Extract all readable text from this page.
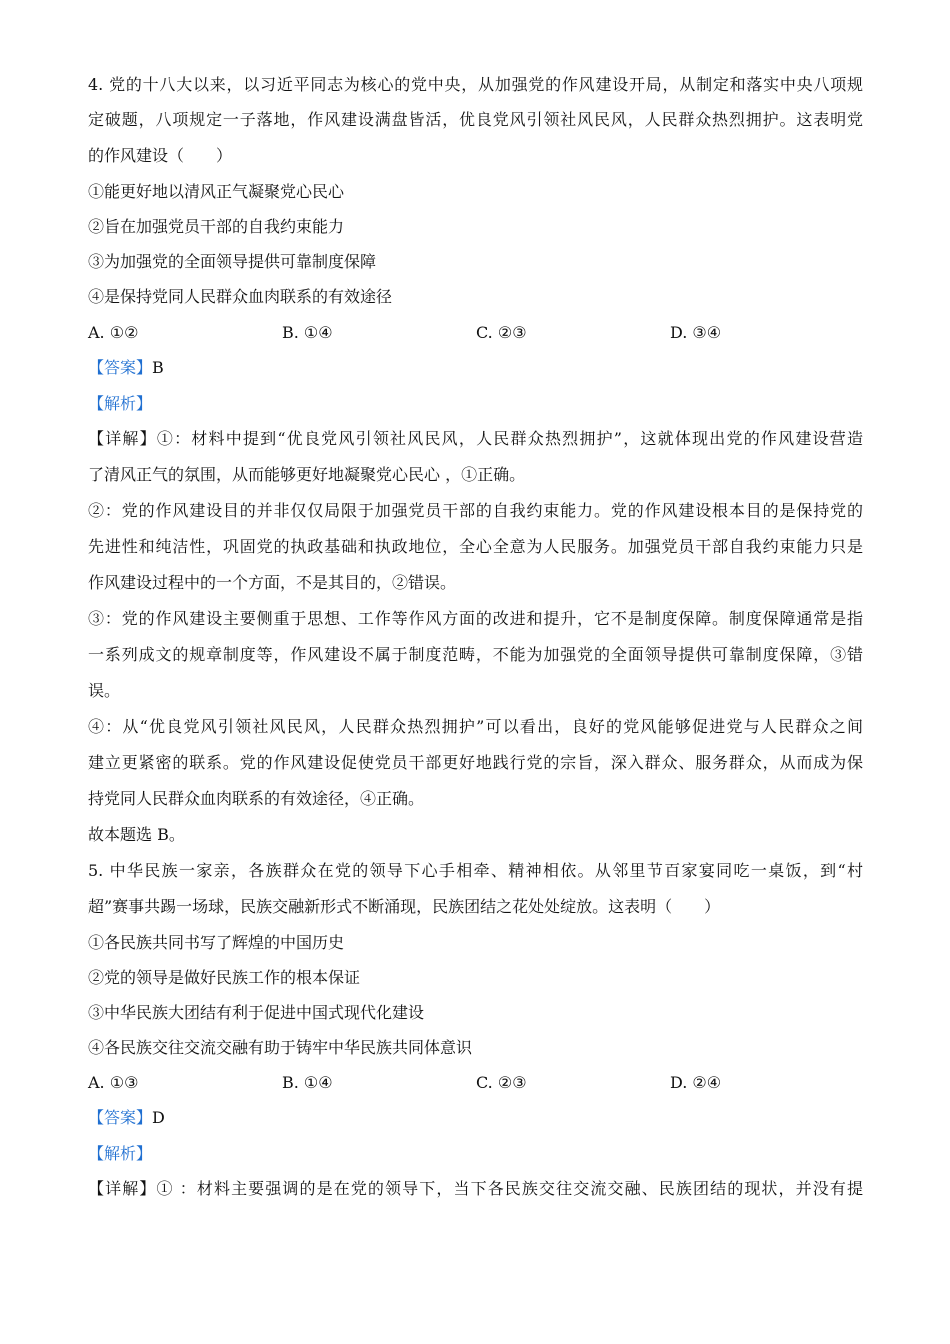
4. 党的十八大以来，以习近平同志为核心的党中央，从加强党的作风建设开局，从制定和落实中央八项规
定破题，八项规定一子落地，作风建设满盘皆活，优良党风引领社风民风，人民群众热烈拥护。这表明党
的作风建设（　　）
①能更好地以清风正气凝聚党心民心
②旨在加强党员干部的自我约束能力
③为加强党的全面领导提供可靠制度保障
④是保持党同人民群众血肉联系的有效途径
A. ①②	B. ①④	C. ②③	D. ③④
【答案】B
【解析】
【详解】①：材料中提到“优良党风引领社风民风，人民群众热烈拥护”，这就体现出党的作风建设营造
了清风正气的氛围，从而能够更好地凝聚党心民心 ，①正确。
②：党的作风建设目的并非仅仅局限于加强党员干部的自我约束能力。党的作风建设根本目的是保持党的
先进性和纯洁性，巩固党的执政基础和执政地位，全心全意为人民服务。加强党员干部自我约束能力只是
作风建设过程中的一个方面，不是其目的，②错误。
③：党的作风建设主要侧重于思想、工作等作风方面的改进和提升，它不是制度保障。制度保障通常是指
一系列成文的规章制度等，作风建设不属于制度范畴，不能为加强党的全面领导提供可靠制度保障，③错
误。
④：从“优良党风引领社风民风，人民群众热烈拥护”可以看出，良好的党风能够促进党与人民群众之间
建立更紧密的联系。党的作风建设促使党员干部更好地践行党的宗旨，深入群众、服务群众，从而成为保
持党同人民群众血肉联系的有效途径，④正确。
故本题选 B。
5. 中华民族一家亲，各族群众在党的领导下心手相牵、精神相依。从邻里节百家宴同吃一桌饭，到“村
超”赛事共踢一场球，民族交融新形式不断涌现，民族团结之花处处绽放。这表明（　　）
①各民族共同书写了辉煌的中国历史
②党的领导是做好民族工作的根本保证
③中华民族大团结有利于促进中国式现代化建设
④各民族交往交流交融有助于铸牢中华民族共同体意识
A. ①③	B. ①④	C. ②③	D. ②④
【答案】D
【解析】
【详解】① ：材料主要强调的是在党的领导下，当下各民族交往交流交融、民族团结的现状，并没有提
